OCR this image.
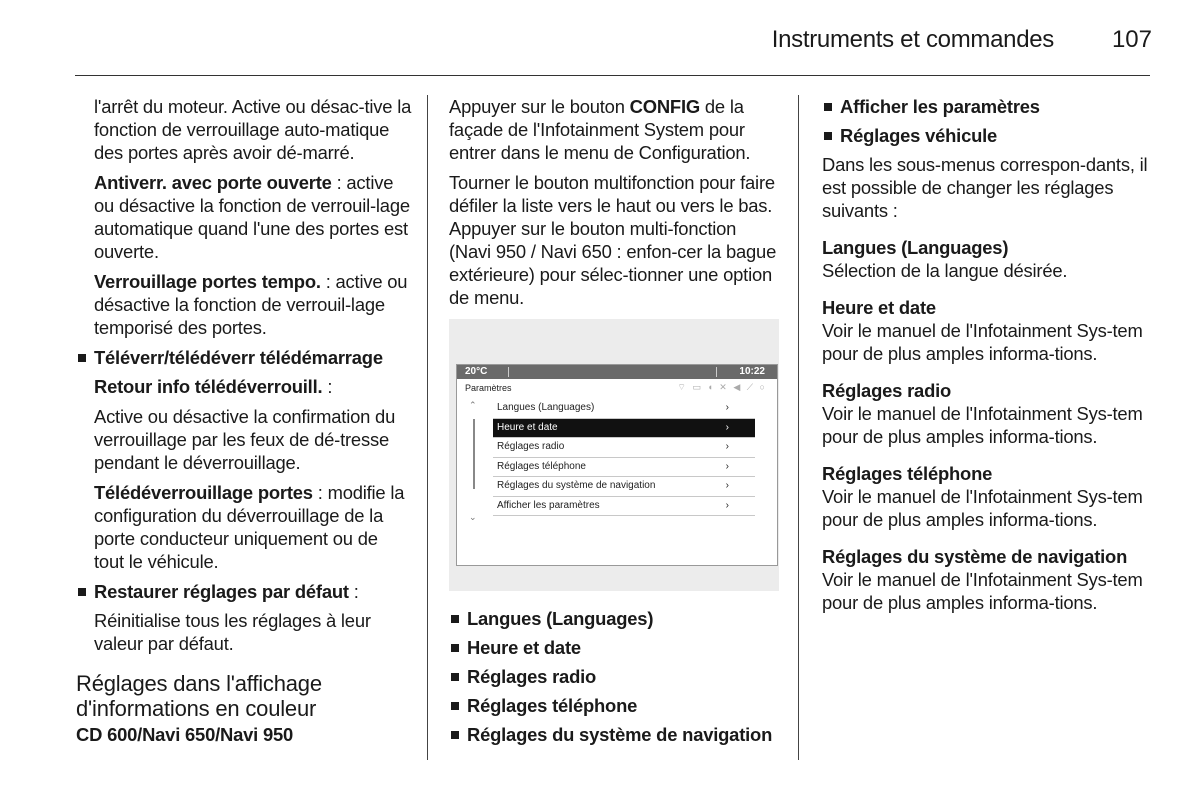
Instruments et commandes 107

l'arrêt du moteur. Active ou désac-tive la fonction de verrouillage auto-matique des portes après avoir dé-marré.

Antiverr. avec porte ouverte : active ou désactive la fonction de verrouil-lage automatique quand l'une des portes est ouverte.

Verrouillage portes tempo. : active ou désactive la fonction de verrouil-lage temporisé des portes.

Téléverr/télédéverr télédémarrage

Retour info télédéverrouill. :

Active ou désactive la confirmation du verrouillage par les feux de dé-tresse pendant le déverrouillage.

Télédéverrouillage portes : modifie la configuration du déverrouillage de la porte conducteur uniquement ou de tout le véhicule.

Restaurer réglages par défaut :

Réinitialise tous les réglages à leur valeur par défaut.

Réglages dans l'affichage d'informations en couleur
CD 600/Navi 650/Navi 950

Appuyer sur le bouton CONFIG de la façade de l'Infotainment System pour entrer dans le menu de Configuration.

Tourner le bouton multifonction pour faire défiler la liste vers le haut ou vers le bas. Appuyer sur le bouton multi-fonction (Navi 950 / Navi 650 : enfon-cer la bague extérieure) pour sélec-tionner une option de menu.

20°C	10:22
Paramètres	⌔ ▭ ◖ ✕ ◀ ⟋ ○
⌃
⌄
Langues (Languages)	›
Heure et date	›
Réglages radio	›
Réglages téléphone	›
Réglages du système de navigation	›
Afficher les paramètres	›

Langues (Languages)

Heure et date

Réglages radio

Réglages téléphone

Réglages du système de navigation

Afficher les paramètres

Réglages véhicule

Dans les sous-menus correspon-dants, il est possible de changer les réglages suivants :

Langues (Languages)
Sélection de la langue désirée.
Heure et date
Voir le manuel de l'Infotainment Sys-tem pour de plus amples informa-tions.
Réglages radio
Voir le manuel de l'Infotainment Sys-tem pour de plus amples informa-tions.
Réglages téléphone
Voir le manuel de l'Infotainment Sys-tem pour de plus amples informa-tions.
Réglages du système de navigation
Voir le manuel de l'Infotainment Sys-tem pour de plus amples informa-tions.
